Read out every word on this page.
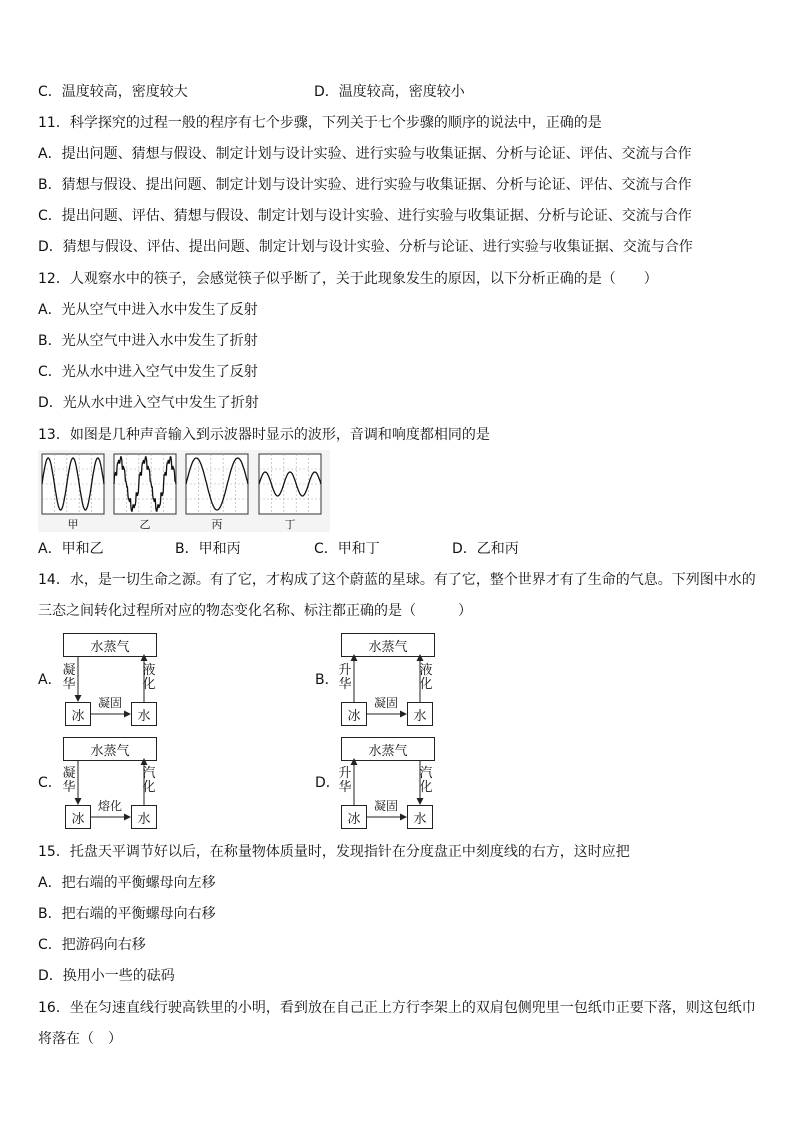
C．温度较高，密度较大	D．温度较高，密度较小
11．科学探究的过程一般的程序有七个步骤，下列关于七个步骤的顺序的说法中，正确的是
A．提出问题、猜想与假设、制定计划与设计实验、进行实验与收集证据、分析与论证、评估、交流与合作
B．猜想与假设、提出问题、制定计划与设计实验、进行实验与收集证据、分析与论证、评估、交流与合作
C．提出问题、评估、猜想与假设、制定计划与设计实验、进行实验与收集证据、分析与论证、交流与合作
D．猜想与假设、评估、提出问题、制定计划与设计实验、分析与论证、进行实验与收集证据、交流与合作
12．人观察水中的筷子，会感觉筷子似乎断了，关于此现象发生的原因，以下分析正确的是（　　）
A．光从空气中进入水中发生了反射
B．光从空气中进入水中发生了折射
C．光从水中进入空气中发生了反射
D．光从水中进入空气中发生了折射
13．如图是几种声音输入到示波器时显示的波形，音调和响度都相同的是
甲	乙	丙	丁
A．甲和乙	B．甲和丙	C．甲和丁	D．乙和丙
14．水，是一切生命之源。有了它，才构成了这个蔚蓝的星球。有了它，整个世界才有了生命的气息。下列图中水的
三态之间转化过程所对应的物态变化名称、标注都正确的是（　　　）
A．
水蒸气
冰	水
凝华
液化
凝固
B．
水蒸气
冰	水
升华
液化
凝固
C．
水蒸气
冰	水
凝华
汽化
熔化
D．
水蒸气
冰	水
升华
汽化
凝固
15．托盘天平调节好以后，在称量物体质量时，发现指针在分度盘正中刻度线的右方，这时应把
A．把右端的平衡螺母向左移
B．把右端的平衡螺母向右移
C．把游码向右移
D．换用小一些的砝码
16．坐在匀速直线行驶高铁里的小明，看到放在自己正上方行李架上的双肩包侧兜里一包纸巾正要下落，则这包纸巾
将落在（　）
